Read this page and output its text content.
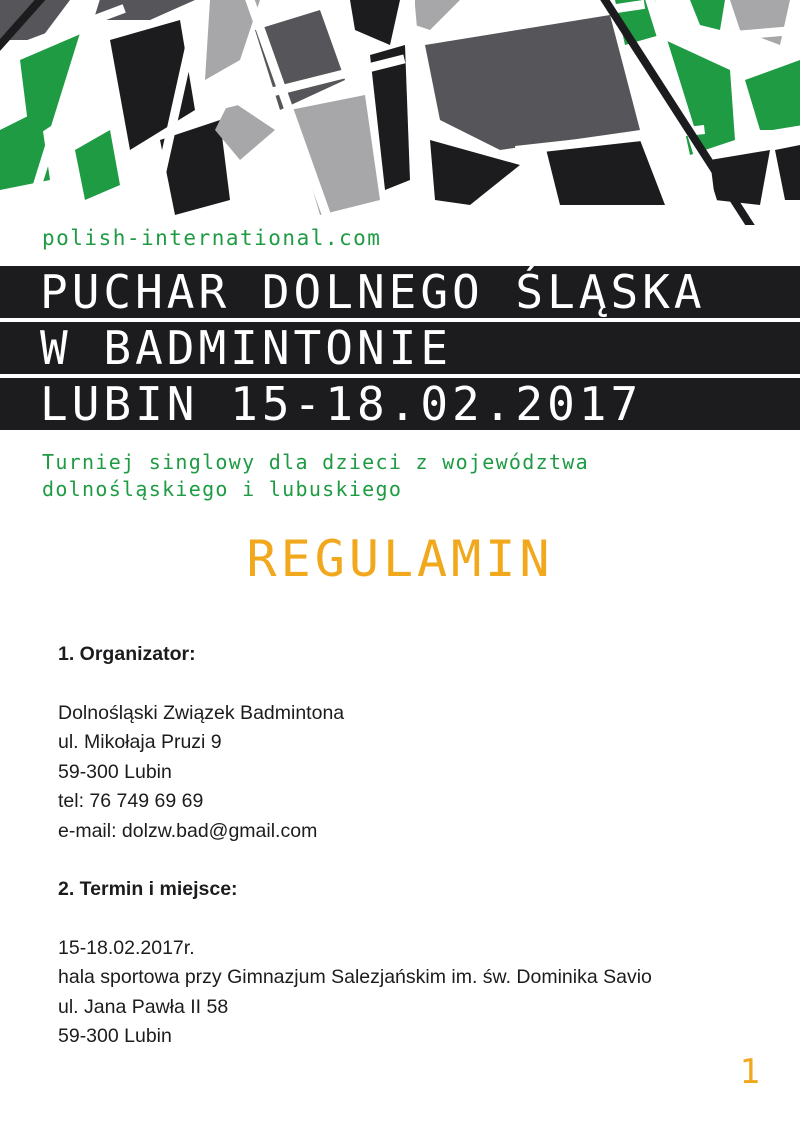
polish-international.com
PUCHAR DOLNEGO ŚLĄSKA
W BADMINTONIE
LUBIN 15-18.02.2017
Turniej singlowy dla dzieci z województwa
dolnośląskiego i lubuskiego
REGULAMIN
1. Organizator:
Dolnośląski Związek Badmintona
ul. Mikołaja Pruzi 9
59-300 Lubin
tel: 76 749 69 69
e-mail: dolzw.bad@gmail.com
2. Termin i miejsce:
15-18.02.2017r.
hala sportowa przy Gimnazjum Salezjańskim im. św. Dominika Savio
ul. Jana Pawła II 58
59-300 Lubin
1
